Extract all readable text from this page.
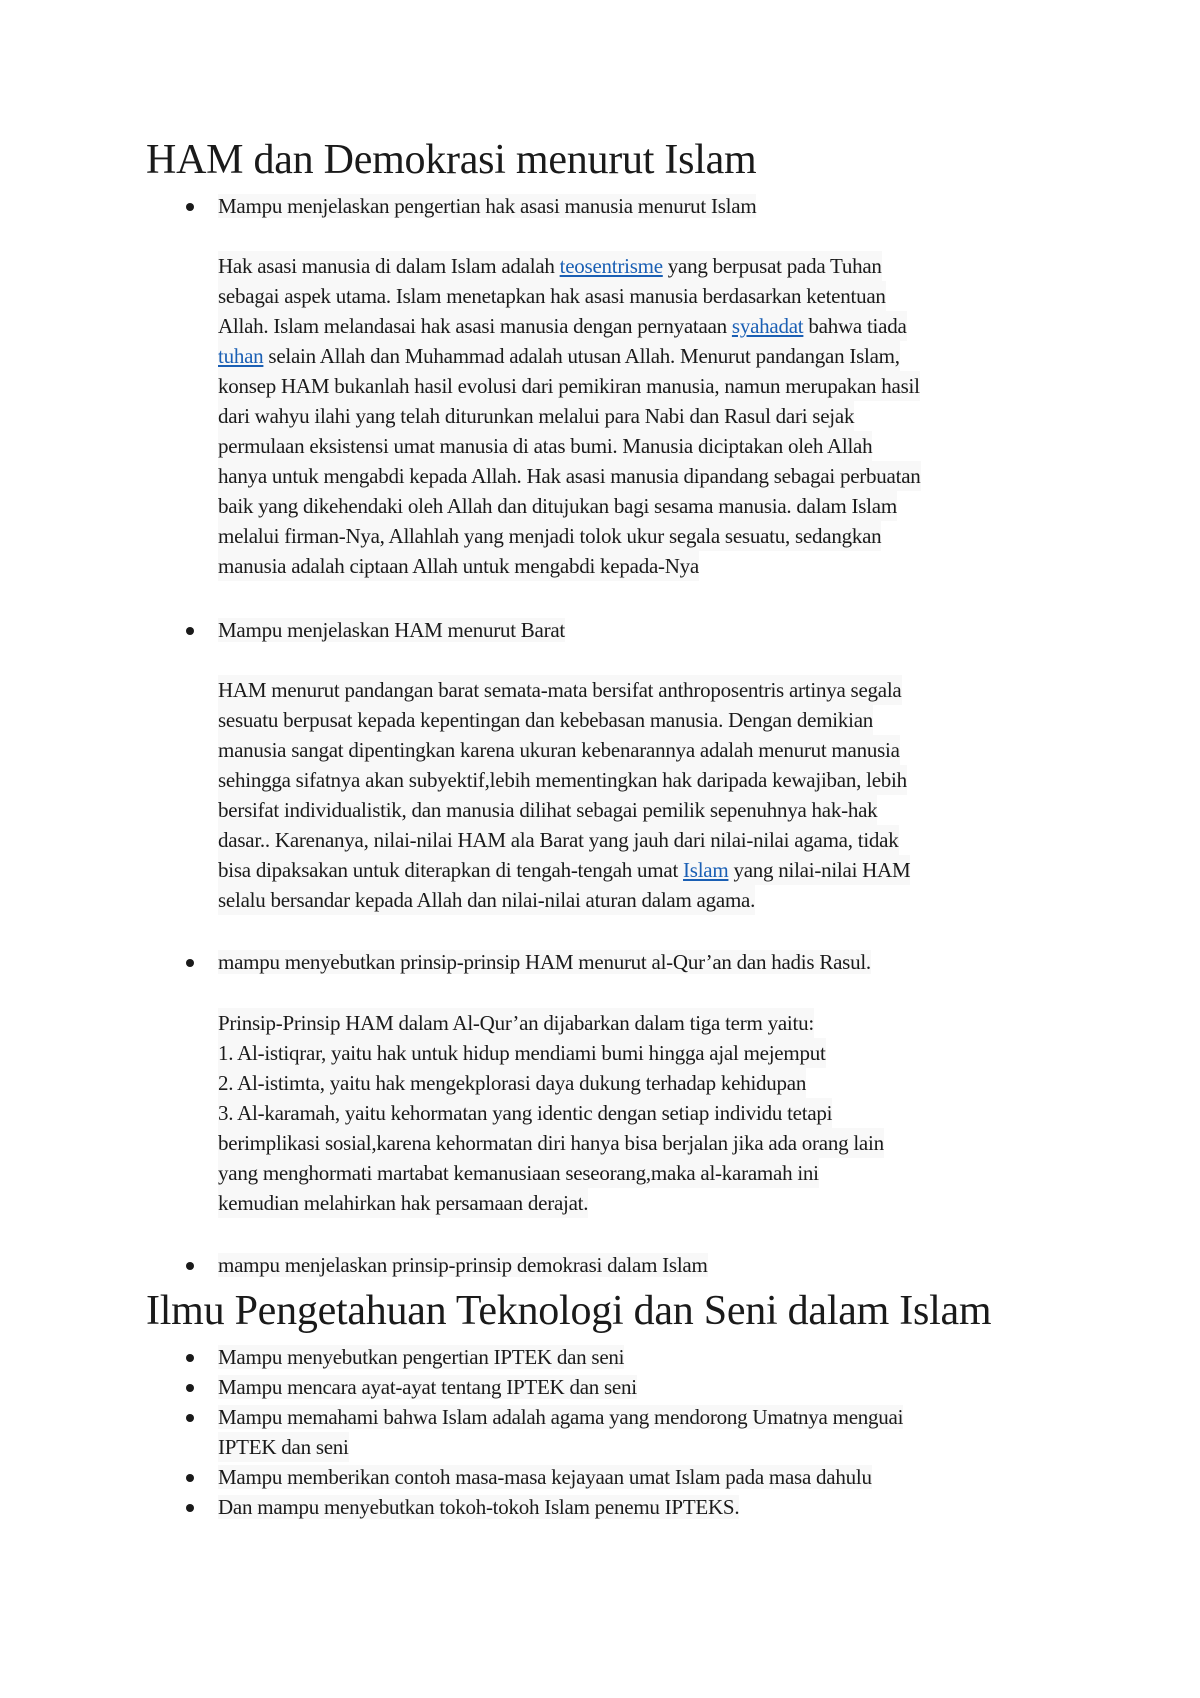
HAM dan Demokrasi menurut Islam
Mampu menjelaskan pengertian hak asasi manusia menurut Islam
Hak asasi manusia di dalam Islam adalah teosentrisme yang berpusat pada Tuhan
sebagai aspek utama. Islam menetapkan hak asasi manusia berdasarkan ketentuan
Allah. Islam melandasai hak asasi manusia dengan pernyataan syahadat bahwa tiada
tuhan selain Allah dan Muhammad adalah utusan Allah. Menurut pandangan Islam,
konsep HAM bukanlah hasil evolusi dari pemikiran manusia, namun merupakan hasil
dari wahyu ilahi yang telah diturunkan melalui para Nabi dan Rasul dari sejak
permulaan eksistensi umat manusia di atas bumi. Manusia diciptakan oleh Allah
hanya untuk mengabdi kepada Allah. Hak asasi manusia dipandang sebagai perbuatan
baik yang dikehendaki oleh Allah dan ditujukan bagi sesama manusia. dalam Islam
melalui firman-Nya, Allahlah yang menjadi tolok ukur segala sesuatu, sedangkan
manusia adalah ciptaan Allah untuk mengabdi kepada-Nya
Mampu menjelaskan HAM menurut Barat
HAM menurut pandangan barat semata-mata bersifat anthroposentris artinya segala
sesuatu berpusat kepada kepentingan dan kebebasan manusia. Dengan demikian
manusia sangat dipentingkan karena ukuran kebenarannya adalah menurut manusia
sehingga sifatnya akan subyektif,lebih mementingkan hak daripada kewajiban, lebih
bersifat individualistik, dan manusia dilihat sebagai pemilik sepenuhnya hak-hak
dasar.. Karenanya, nilai-nilai HAM ala Barat yang jauh dari nilai-nilai agama, tidak
bisa dipaksakan untuk diterapkan di tengah-tengah umat Islam yang nilai-nilai HAM
selalu bersandar kepada Allah dan nilai-nilai aturan dalam agama.
mampu menyebutkan prinsip-prinsip HAM menurut al-Qur’an dan hadis Rasul.
Prinsip-Prinsip HAM dalam Al-Qur’an dijabarkan dalam tiga term yaitu:
1. Al-istiqrar, yaitu hak untuk hidup mendiami bumi hingga ajal mejemput
2. Al-istimta, yaitu hak mengekplorasi daya dukung terhadap kehidupan
3. Al-karamah, yaitu kehormatan yang identic dengan setiap individu tetapi
berimplikasi sosial,karena kehormatan diri hanya bisa berjalan jika ada orang lain
yang menghormati martabat kemanusiaan seseorang,maka al-karamah ini
kemudian melahirkan hak persamaan derajat.
mampu menjelaskan prinsip-prinsip demokrasi dalam Islam
Ilmu Pengetahuan Teknologi dan Seni dalam Islam
Mampu menyebutkan pengertian IPTEK dan seni
Mampu mencara ayat-ayat tentang IPTEK dan seni
Mampu memahami bahwa Islam adalah agama yang mendorong Umatnya menguai
IPTEK dan seni
Mampu memberikan contoh masa-masa kejayaan umat Islam pada masa dahulu
Dan mampu menyebutkan tokoh-tokoh Islam penemu IPTEKS.
